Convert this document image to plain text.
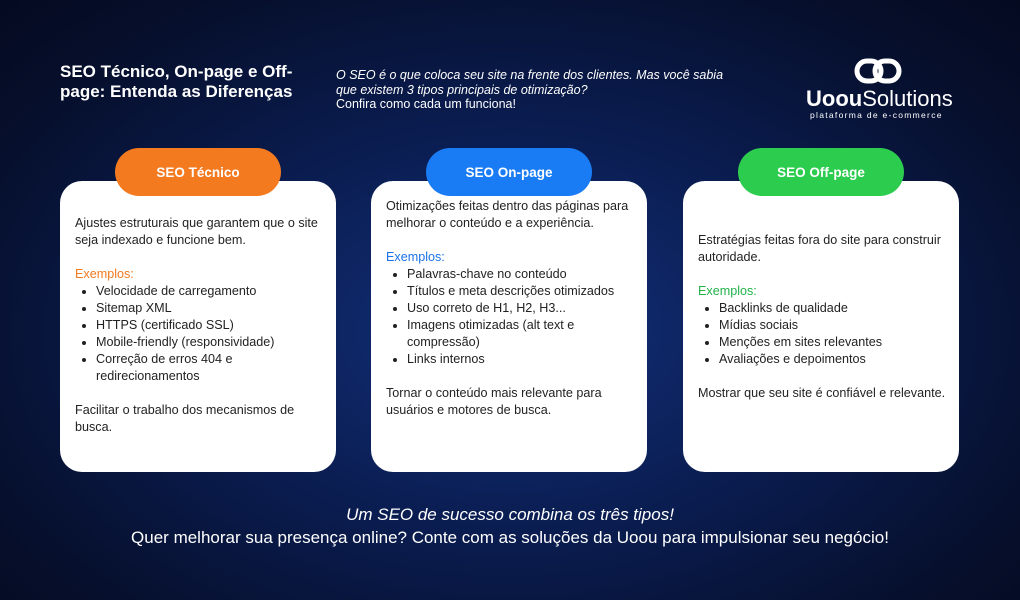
SEO Técnico, On-page e Off-page: Entenda as Diferenças
O SEO é o que coloca seu site na frente dos clientes. Mas você sabia que existem 3 tipos principais de otimização?
Confira como cada um funciona!	UoouSolutions
plataforma de e-commerce

Ajustes estruturais que garantem que o site seja indexado e funcione bem.

Exemplos:

• Velocidade de carregamento
• Sitemap XML
• HTTPS (certificado SSL)
• Mobile-friendly (responsividade)
• Correção de erros 404 e redirecionamentos

Facilitar o trabalho dos mecanismos de busca.

SEO Técnico

Otimizações feitas dentro das páginas para melhorar o conteúdo e a experiência.

Exemplos:

• Palavras-chave no conteúdo
• Títulos e meta descrições otimizados
• Uso correto de H1, H2, H3...
• Imagens otimizadas (alt text e compressão)
• Links internos

Tornar o conteúdo mais relevante para usuários e motores de busca.

SEO On-page

Estratégias feitas fora do site para construir autoridade.

Exemplos:

• Backlinks de qualidade
• Mídias sociais
• Menções em sites relevantes
• Avaliações e depoimentos

Mostrar que seu site é confiável e relevante.

SEO Off-page
Um SEO de sucesso combina os três tipos!
Quer melhorar sua presença online? Conte com as soluções da Uoou para impulsionar seu negócio!
